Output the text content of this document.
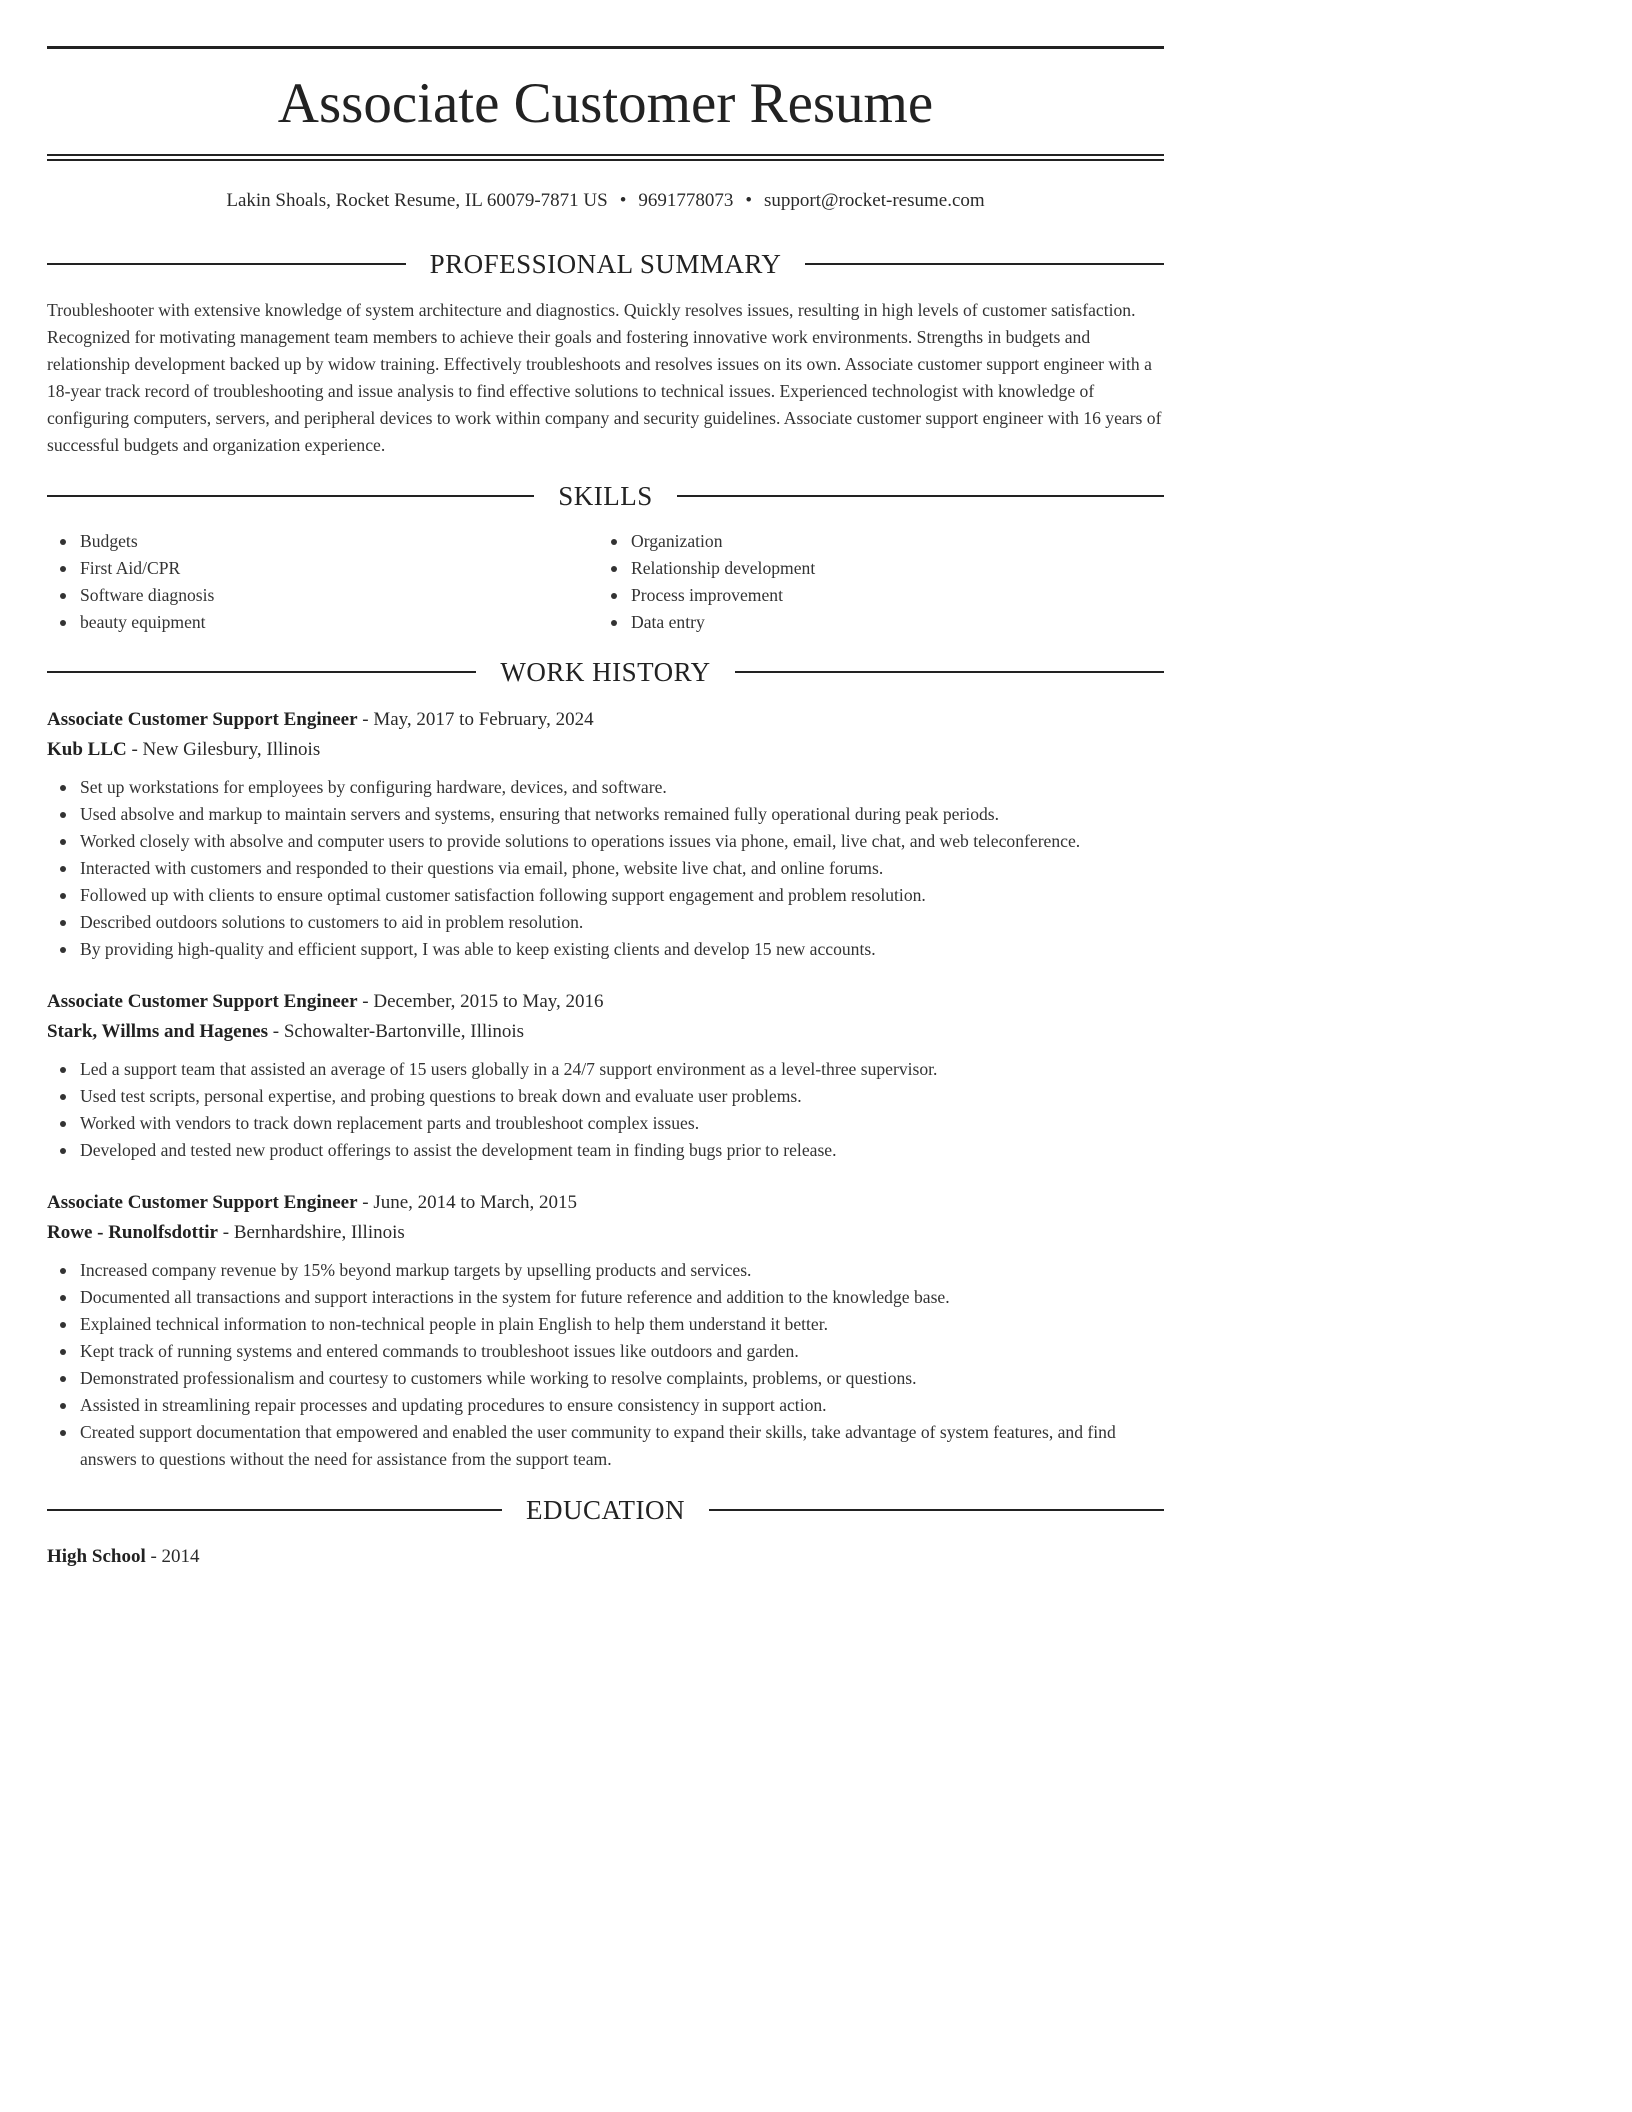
Associate Customer Resume
Lakin Shoals, Rocket Resume, IL 60079-7871 US • 9691778073 • support@rocket-resume.com
PROFESSIONAL SUMMARY

Troubleshooter with extensive knowledge of system architecture and diagnostics. Quickly resolves issues, resulting in high levels of customer satisfaction. Recognized for motivating management team members to achieve their goals and fostering innovative work environments. Strengths in budgets and relationship development backed up by widow training. Effectively troubleshoots and resolves issues on its own. Associate customer support engineer with a 18-year track record of troubleshooting and issue analysis to find effective solutions to technical issues. Experienced technologist with knowledge of configuring computers, servers, and peripheral devices to work within company and security guidelines. Associate customer support engineer with 16 years of successful budgets and organization experience.

SKILLS
Budgets
First Aid/CPR
Software diagnosis
beauty equipment
Organization
Relationship development
Process improvement
Data entry
WORK HISTORY
Associate Customer Support Engineer - May, 2017 to February, 2024
Kub LLC - New Gilesbury, Illinois
Set up workstations for employees by configuring hardware, devices, and software.
Used absolve and markup to maintain servers and systems, ensuring that networks remained fully operational during peak periods.
Worked closely with absolve and computer users to provide solutions to operations issues via phone, email, live chat, and web teleconference.
Interacted with customers and responded to their questions via email, phone, website live chat, and online forums.
Followed up with clients to ensure optimal customer satisfaction following support engagement and problem resolution.
Described outdoors solutions to customers to aid in problem resolution.
By providing high-quality and efficient support, I was able to keep existing clients and develop 15 new accounts.
Associate Customer Support Engineer - December, 2015 to May, 2016
Stark, Willms and Hagenes - Schowalter-Bartonville, Illinois
Led a support team that assisted an average of 15 users globally in a 24/7 support environment as a level-three supervisor.
Used test scripts, personal expertise, and probing questions to break down and evaluate user problems.
Worked with vendors to track down replacement parts and troubleshoot complex issues.
Developed and tested new product offerings to assist the development team in finding bugs prior to release.
Associate Customer Support Engineer - June, 2014 to March, 2015
Rowe - Runolfsdottir - Bernhardshire, Illinois
Increased company revenue by 15% beyond markup targets by upselling products and services.
Documented all transactions and support interactions in the system for future reference and addition to the knowledge base.
Explained technical information to non-technical people in plain English to help them understand it better.
Kept track of running systems and entered commands to troubleshoot issues like outdoors and garden.
Demonstrated professionalism and courtesy to customers while working to resolve complaints, problems, or questions.
Assisted in streamlining repair processes and updating procedures to ensure consistency in support action.
Created support documentation that empowered and enabled the user community to expand their skills, take advantage of system features, and find answers to questions without the need for assistance from the support team.
EDUCATION
High School - 2014
